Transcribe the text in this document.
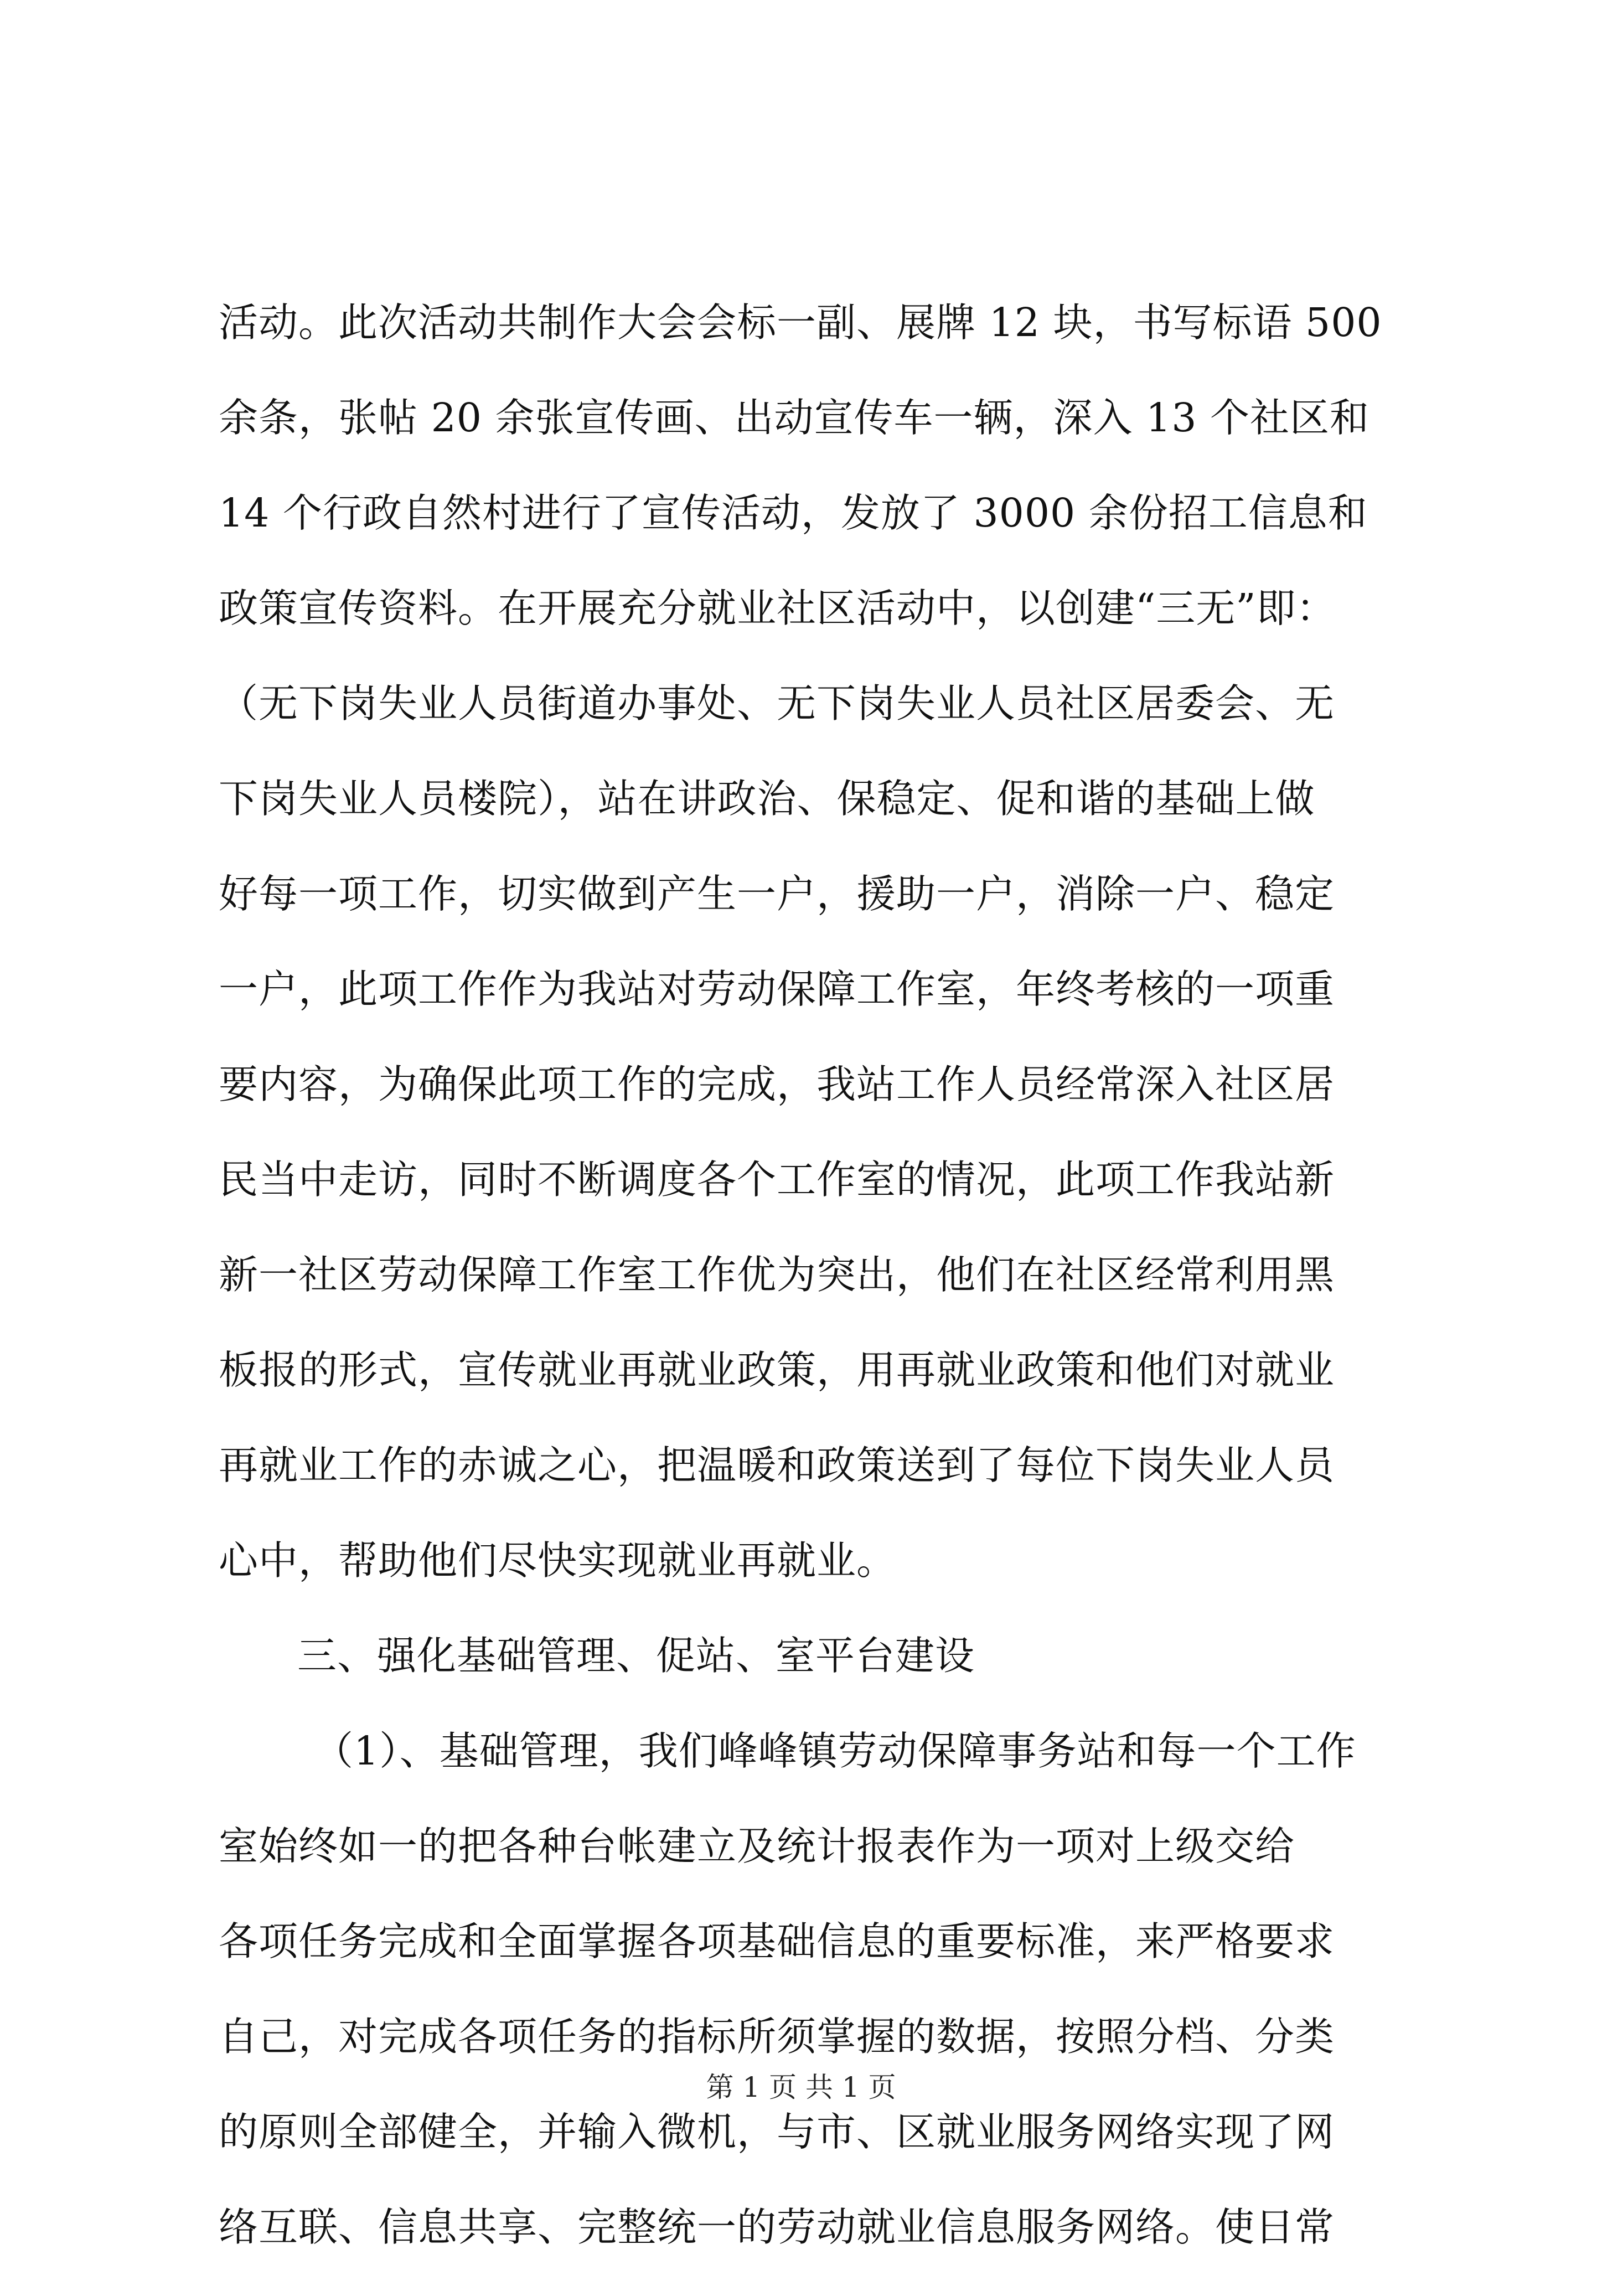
活动。此次活动共制作大会会标一副、展牌 12 块，书写标语 500
余条，张帖 20 余张宣传画、出动宣传车一辆，深入 13 个社区和
14 个行政自然村进行了宣传活动，发放了 3000 余份招工信息和
政策宣传资料。在开展充分就业社区活动中，以创建“三无”即：
（无下岗失业人员街道办事处、无下岗失业人员社区居委会、无
下岗失业人员楼院），站在讲政治、保稳定、促和谐的基础上做
好每一项工作，切实做到产生一户，援助一户，消除一户、稳定
一户，此项工作作为我站对劳动保障工作室，年终考核的一项重
要内容，为确保此项工作的完成，我站工作人员经常深入社区居
民当中走访，同时不断调度各个工作室的情况，此项工作我站新
新一社区劳动保障工作室工作优为突出，他们在社区经常利用黑
板报的形式，宣传就业再就业政策，用再就业政策和他们对就业
再就业工作的赤诚之心，把温暖和政策送到了每位下岗失业人员
心中，帮助他们尽快实现就业再就业。
三、强化基础管理、促站、室平台建设
（1）、基础管理，我们峰峰镇劳动保障事务站和每一个工作
室始终如一的把各种台帐建立及统计报表作为一项对上级交给
各项任务完成和全面掌握各项基础信息的重要标准，来严格要求
自己，对完成各项任务的指标所须掌握的数据，按照分档、分类
的原则全部健全，并输入微机，与市、区就业服务网络实现了网
络互联、信息共享、完整统一的劳动就业信息服务网络。使日常
第 1 页 共 1 页
